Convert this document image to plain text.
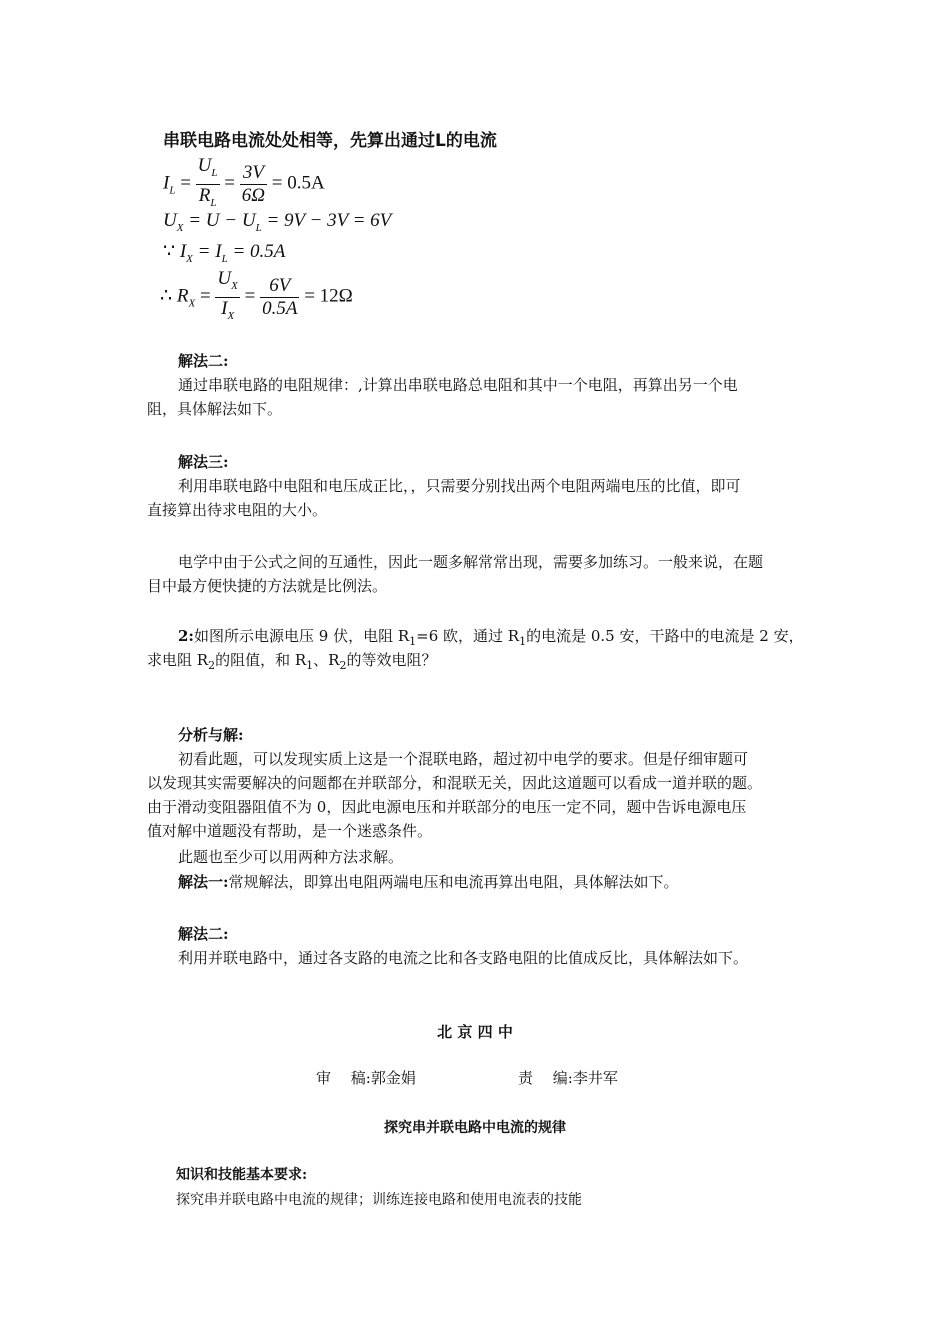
串联电路电流处处相等，先算出通过L的电流
$I_L = \frac{U_L}{R_L} = \frac{3V}{6\Omega} = 0.5A$
$U_X = U - U_L = 9V - 3V = 6V$
∵ $I_X = I_L = 0.5A$
∴ $R_X = \frac{U_X}{I_X} = \frac{6V}{0.5A} = 12\Omega$
解法二:
通过串联电路的电阻规律：,计算出串联电路总电阻和其中一个电阻，再算出另一个电
阻，具体解法如下。
解法三:
利用串联电路中电阻和电压成正比，，只需要分别找出两个电阻两端电压的比值，即可
直接算出待求电阻的大小。
电学中由于公式之间的互通性，因此一题多解常常出现，需要多加练习。一般来说，在题
目中最方便快捷的方法就是比例法。
2:如图所示电源电压 9 伏，电阻 $R_1=6$ 欧，通过 $R_1$的电流是 0.5 安，干路中的电流是 2 安，
求电阻 $R_2$的阻值，和 $R_1$、$R_2$的等效电阻？
分析与解:
初看此题，可以发现实质上这是一个混联电路，超过初中电学的要求。但是仔细审题可
以发现其实需要解决的问题都在并联部分，和混联无关，因此这道题可以看成一道并联的题。
由于滑动变阻器阻值不为 0，因此电源电压和并联部分的电压一定不同，题中告诉电源电压
值对解中道题没有帮助，是一个迷惑条件。
此题也至少可以用两种方法求解。
解法一:常规解法，即算出电阻两端电压和电流再算出电阻，具体解法如下。
解法二:
利用并联电路中，通过各支路的电流之比和各支路电阻的比值成反比，具体解法如下。
北 京 四 中
审　 稿:郭金娟	责　 编:李井军
探究串并联电路中电流的规律
知识和技能基本要求:
探究串并联电路中电流的规律；训练连接电路和使用电流表的技能
